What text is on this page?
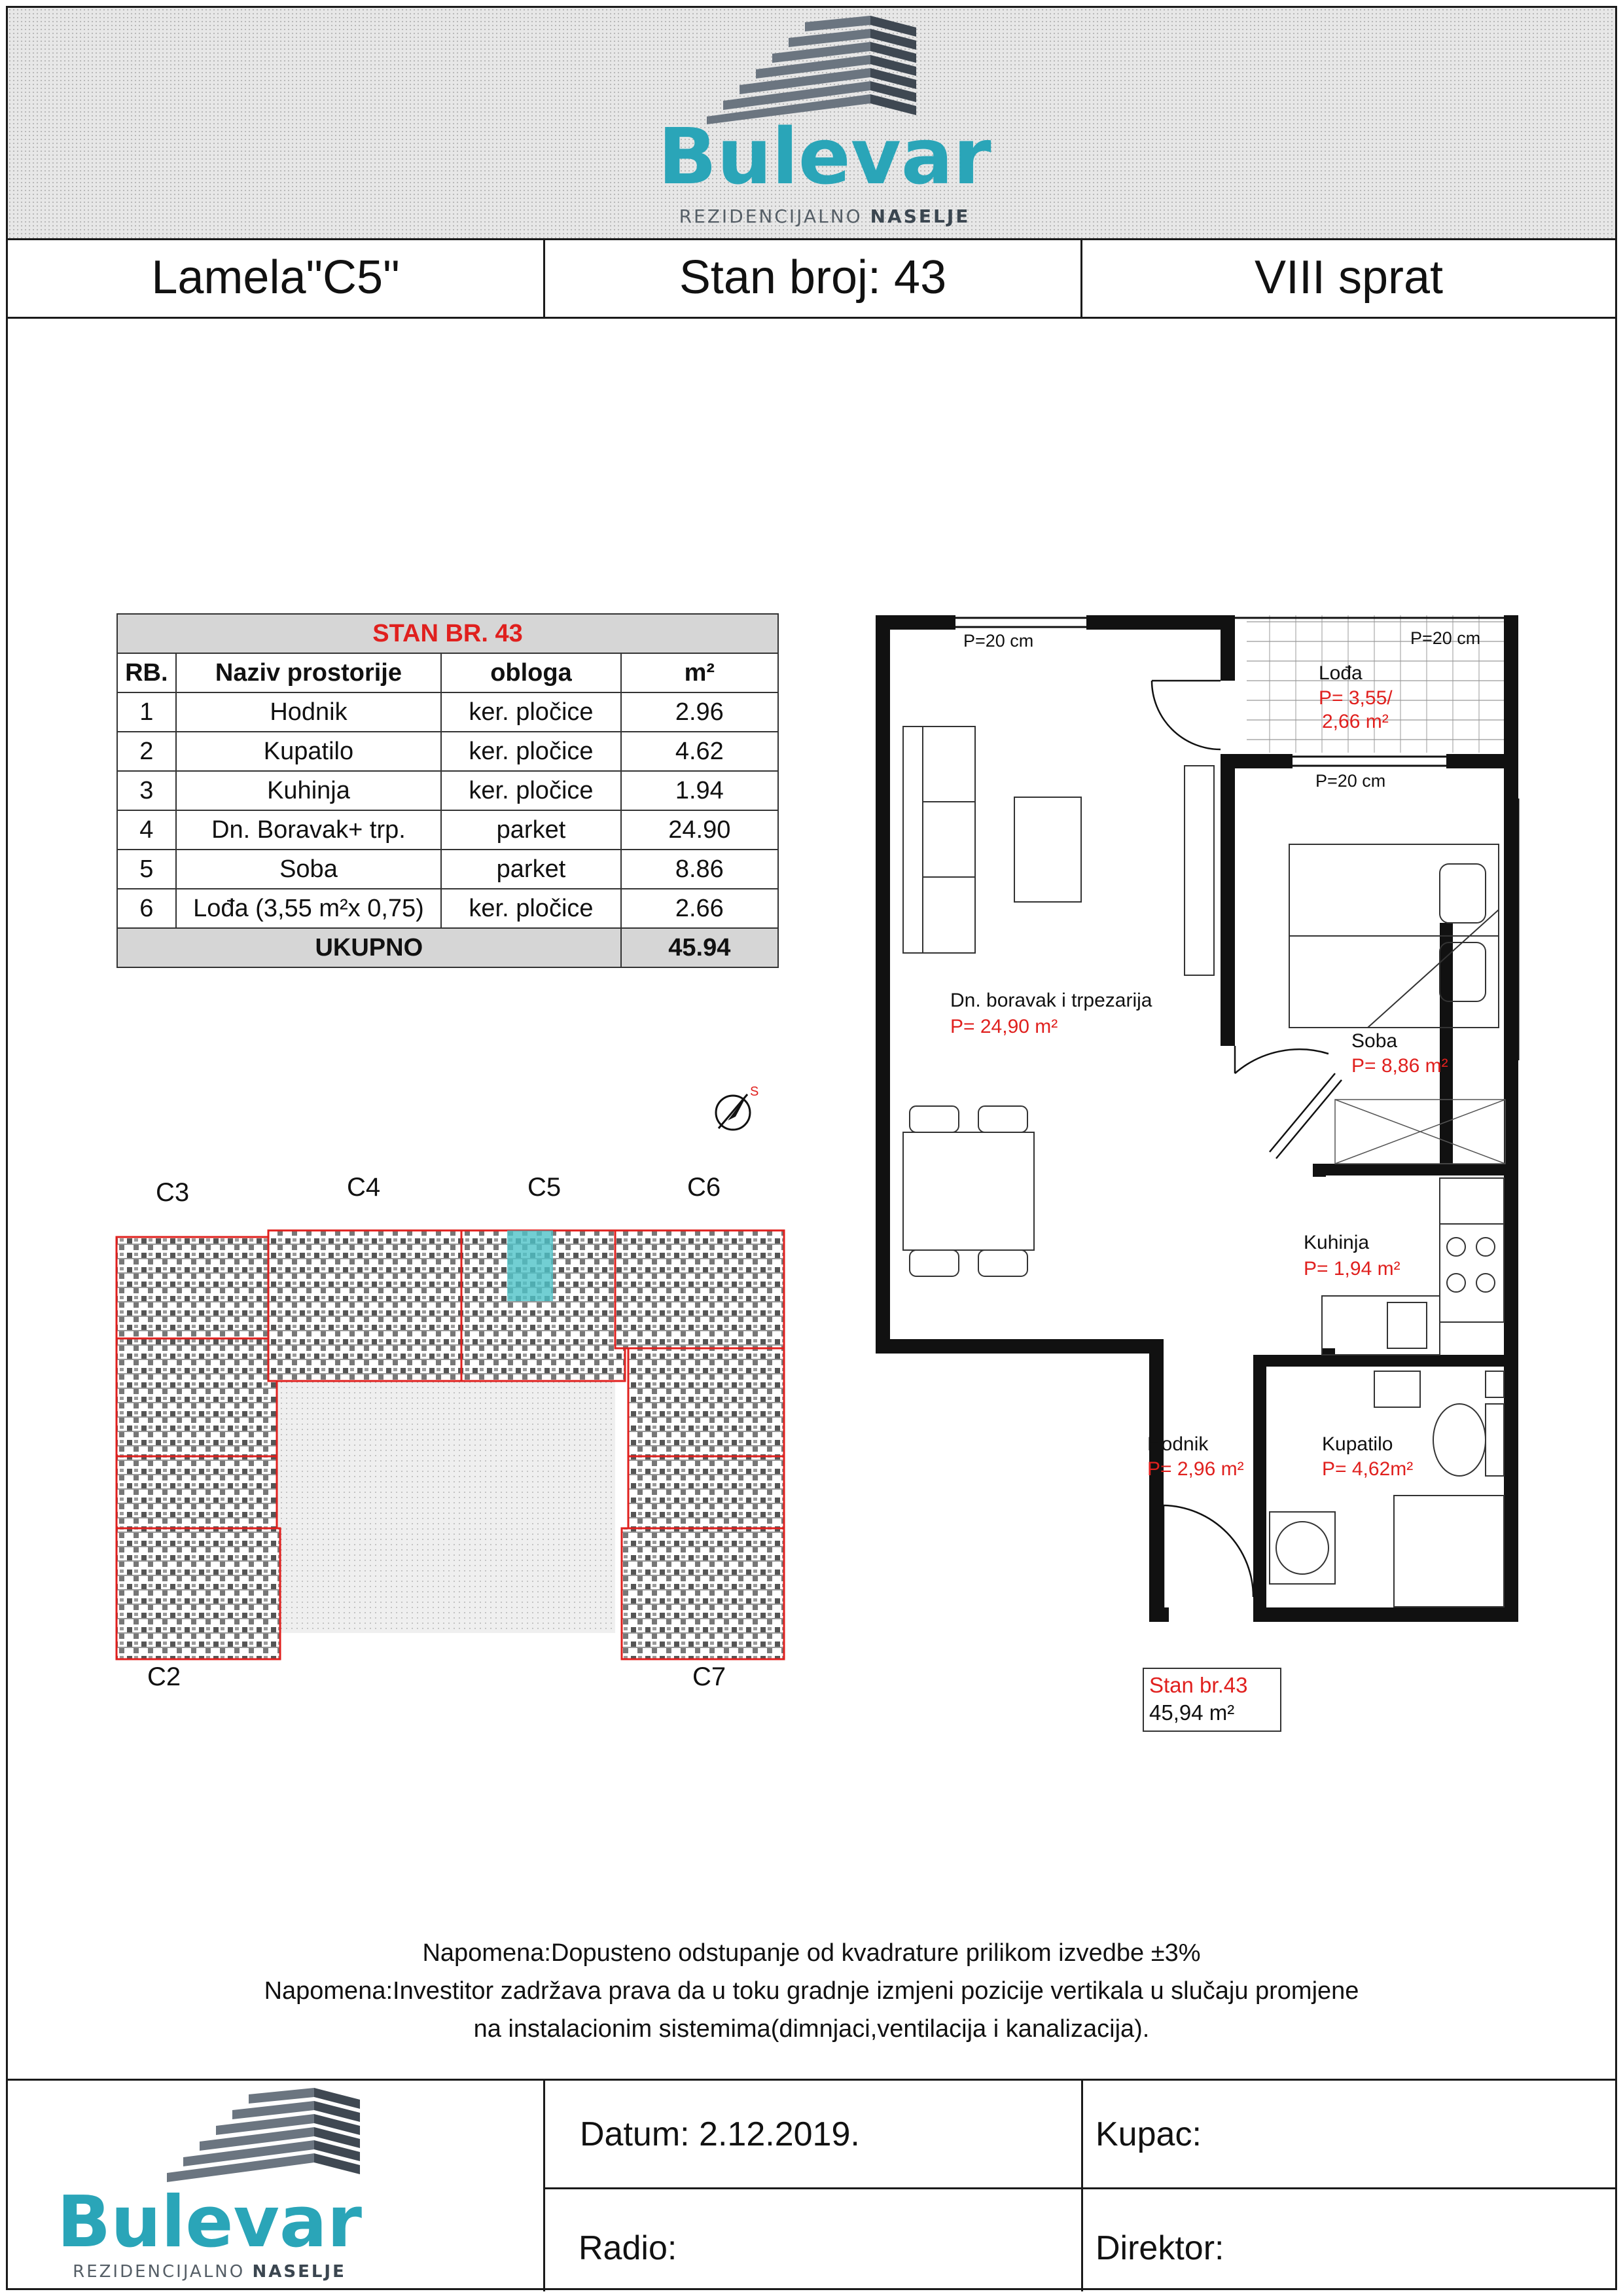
Bulevar
REZIDENCIJALNO NASELJE
Lamela"C5"	Stan broj: 43	VIII sprat
STAN BR. 43			
RB.	Naziv prostorije	obloga	m²
1	Hodnik	ker. pločice	2.96
2	Kupatilo	ker. pločice	4.62
3	Kuhinja	ker. pločice	1.94
4	Dn. Boravak+ trp.	parket	24.90
5	Soba	parket	8.86
6	Lođa (3,55 m²x 0,75)	ker. pločice	2.66
UKUPNO			45.94
P=20 cm	P=20 cm
P=20 cm
Lođa
P= 3,55/
2,66 m²
Dn. boravak i trpezarija
P= 24,90 m²
Soba
P= 8,86 m²
Kuhinja
P= 1,94 m²
Hodnik
P= 2,96 m²
Kupatilo
P= 4,62m²
Stan br.43
45,94 m²
S
C3	C4	C5	C6
C2	C7
Napomena:Dopusteno odstupanje od kvadrature prilikom izvedbe ±3%
Napomena:Investitor zadržava prava da u toku gradnje izmjeni pozicije vertikala u slučaju promjene
na instalacionim sistemima(dimnjaci,ventilacija i kanalizacija).
Datum: 2.12.2019.	Kupac:
Radio:	Direktor:
Bulevar
REZIDENCIJALNO NASELJE
